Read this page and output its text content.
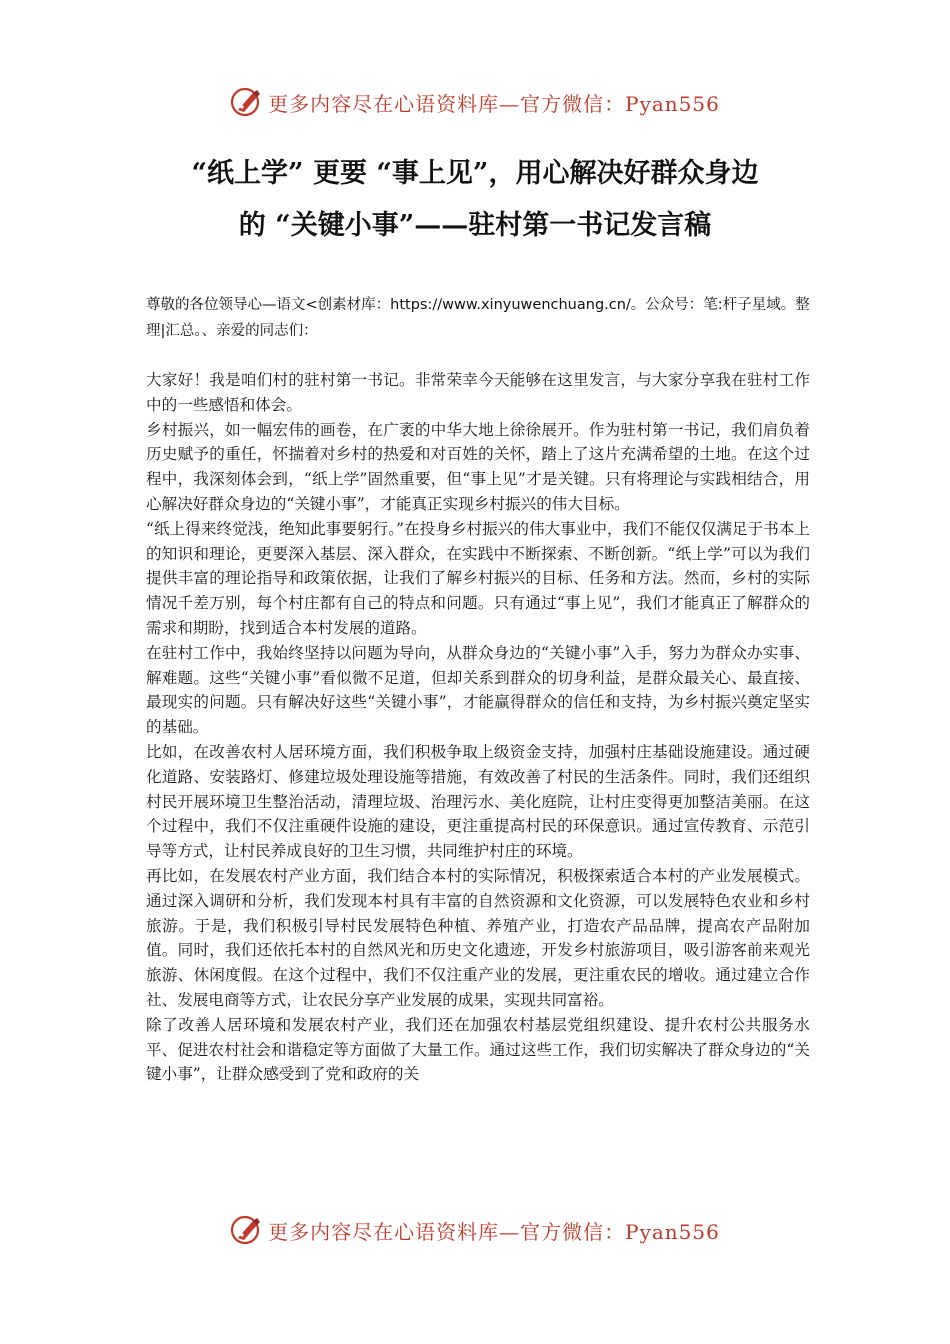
更多内容尽在心语资料库—官方微信：Pyan556
“纸上学” 更要 “事上见”，用心解决好群众身边
的 “关键小事”——驻村第一书记发言稿
尊敬的各位领导心—语文<创素材库：https://www.xinyuwenchuang.cn/。公众号：笔:杆子星域。整理|汇总。、亲爱的同志们：

大家好！我是咱们村的驻村第一书记。非常荣幸今天能够在这里发言，与大家分享我在驻村工作中的一些感悟和体会。

乡村振兴，如一幅宏伟的画卷，在广袤的中华大地上徐徐展开。作为驻村第一书记，我们肩负着历史赋予的重任，怀揣着对乡村的热爱和对百姓的关怀，踏上了这片充满希望的土地。在这个过程中，我深刻体会到，“纸上学”固然重要，但“事上见”才是关键。只有将理论与实践相结合，用心解决好群众身边的“关键小事”，才能真正实现乡村振兴的伟大目标。

“纸上得来终觉浅，绝知此事要躬行。”在投身乡村振兴的伟大事业中，我们不能仅仅满足于书本上的知识和理论，更要深入基层、深入群众，在实践中不断探索、不断创新。“纸上学”可以为我们提供丰富的理论指导和政策依据，让我们了解乡村振兴的目标、任务和方法。然而，乡村的实际情况千差万别，每个村庄都有自己的特点和问题。只有通过“事上见”，我们才能真正了解群众的需求和期盼，找到适合本村发展的道路。

在驻村工作中，我始终坚持以问题为导向，从群众身边的“关键小事”入手，努力为群众办实事、解难题。这些“关键小事”看似微不足道，但却关系到群众的切身利益，是群众最关心、最直接、最现实的问题。只有解决好这些“关键小事”，才能赢得群众的信任和支持，为乡村振兴奠定坚实的基础。

比如，在改善农村人居环境方面，我们积极争取上级资金支持，加强村庄基础设施建设。通过硬化道路、安装路灯、修建垃圾处理设施等措施，有效改善了村民的生活条件。同时，我们还组织村民开展环境卫生整治活动，清理垃圾、治理污水、美化庭院，让村庄变得更加整洁美丽。在这个过程中，我们不仅注重硬件设施的建设，更注重提高村民的环保意识。通过宣传教育、示范引导等方式，让村民养成良好的卫生习惯，共同维护村庄的环境。

再比如，在发展农村产业方面，我们结合本村的实际情况，积极探索适合本村的产业发展模式。通过深入调研和分析，我们发现本村具有丰富的自然资源和文化资源，可以发展特色农业和乡村旅游。于是，我们积极引导村民发展特色种植、养殖产业，打造农产品品牌，提高农产品附加值。同时，我们还依托本村的自然风光和历史文化遗迹，开发乡村旅游项目，吸引游客前来观光旅游、休闲度假。在这个过程中，我们不仅注重产业的发展，更注重农民的增收。通过建立合作社、发展电商等方式，让农民分享产业发展的成果，实现共同富裕。

除了改善人居环境和发展农村产业，我们还在加强农村基层党组织建设、提升农村公共服务水平、促进农村社会和谐稳定等方面做了大量工作。通过这些工作，我们切实解决了群众身边的“关键小事”，让群众感受到了党和政府的关

更多内容尽在心语资料库—官方微信：Pyan556
